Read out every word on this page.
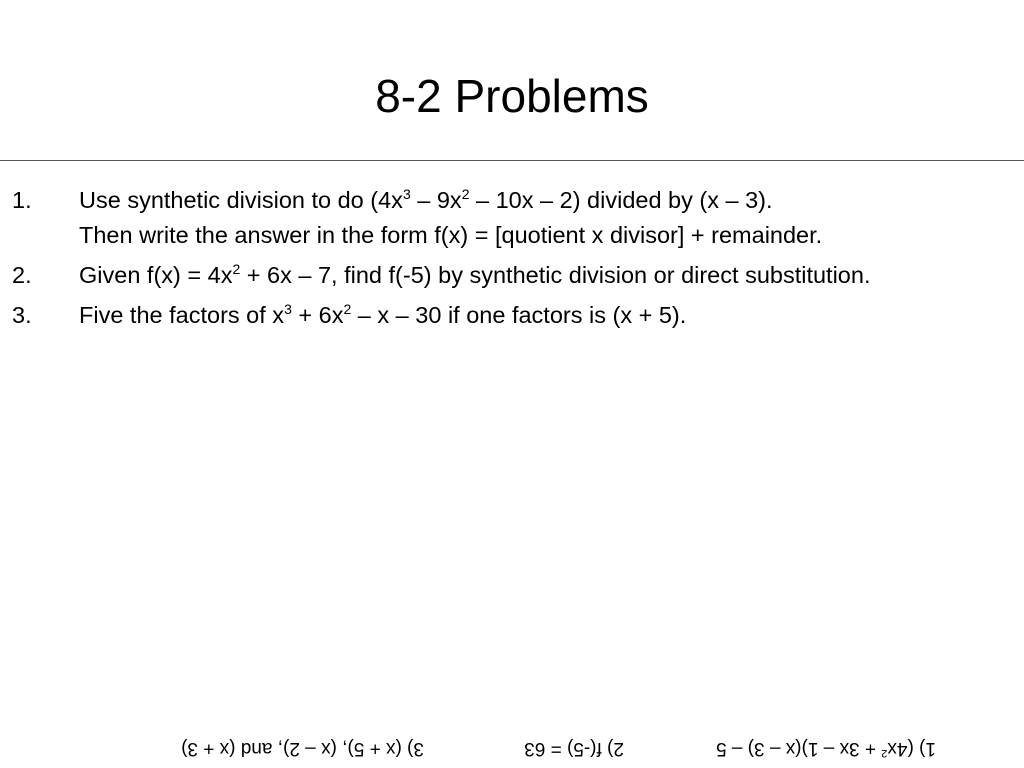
8-2 Problems
1. Use synthetic division to do $(4x^3 - 9x^2 - 10x - 2)$ divided by (x – 3).
Then write the answer in the form f(x) = [quotient x divisor] + remainder.
2. Given $f(x) = 4x^2 + 6x - 7$, find f(-5) by synthetic division or direct substitution.
3. Five the factors of $x^3 + 6x^2 - x - 30$ if one factors is (x + 5).
1) $(4x^2 + 3x - 1)(x - 3) - 5$
2) f(-5) = 63
3) (x + 5), (x – 2), and (x + 3)
